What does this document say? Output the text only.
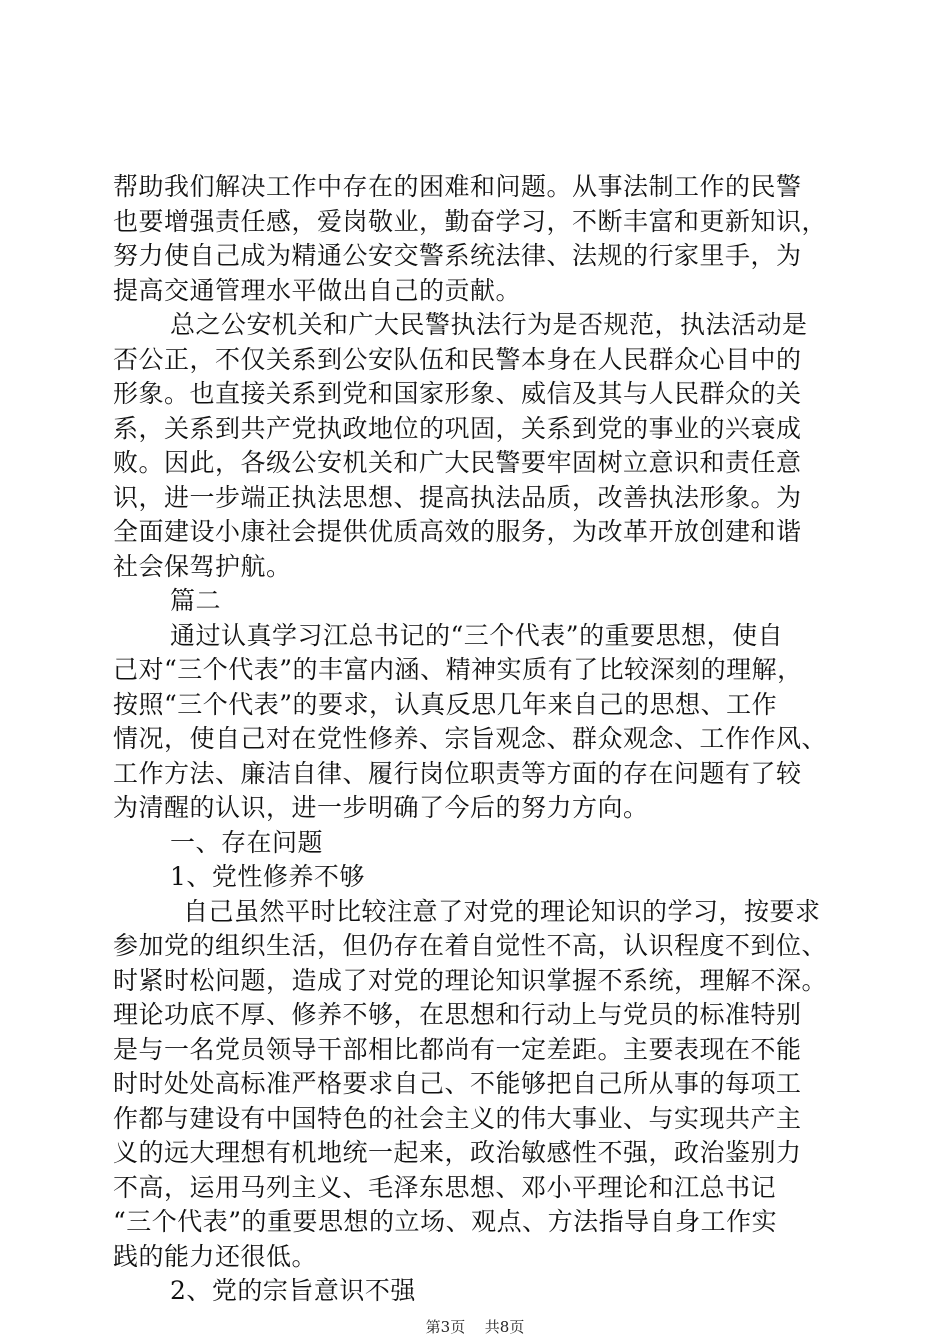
帮助我们解决工作中存在的困难和问题。从事法制工作的民警
也要增强责任感，爱岗敬业，勤奋学习，不断丰富和更新知识，
努力使自己成为精通公安交警系统法律、法规的行家里手，为
提高交通管理水平做出自己的贡献。
总之公安机关和广大民警执法行为是否规范，执法活动是
否公正，不仅关系到公安队伍和民警本身在人民群众心目中的
形象。也直接关系到党和国家形象、威信及其与人民群众的关
系，关系到共产党执政地位的巩固，关系到党的事业的兴衰成
败。因此，各级公安机关和广大民警要牢固树立意识和责任意
识，进一步端正执法思想、提高执法品质，改善执法形象。为
全面建设小康社会提供优质高效的服务，为改革开放创建和谐
社会保驾护航。
篇二
通过认真学习江总书记的“三个代表”的重要思想，使自
己对“三个代表”的丰富内涵、精神实质有了比较深刻的理解，
按照“三个代表”的要求，认真反思几年来自己的思想、工作
情况，使自己对在党性修养、宗旨观念、群众观念、工作作风、
工作方法、廉洁自律、履行岗位职责等方面的存在问题有了较
为清醒的认识，进一步明确了今后的努力方向。
一、存在问题
1、党性修养不够
自己虽然平时比较注意了对党的理论知识的学习，按要求
参加党的组织生活，但仍存在着自觉性不高，认识程度不到位、
时紧时松问题，造成了对党的理论知识掌握不系统，理解不深。
理论功底不厚、修养不够，在思想和行动上与党员的标准特别
是与一名党员领导干部相比都尚有一定差距。主要表现在不能
时时处处高标准严格要求自己、不能够把自己所从事的每项工
作都与建设有中国特色的社会主义的伟大事业、与实现共产主
义的远大理想有机地统一起来，政治敏感性不强，政治鉴别力
不高，运用马列主义、毛泽东思想、邓小平理论和江总书记
“三个代表”的重要思想的立场、观点、方法指导自身工作实
践的能力还很低。
2、党的宗旨意识不强
第3页 共8页
